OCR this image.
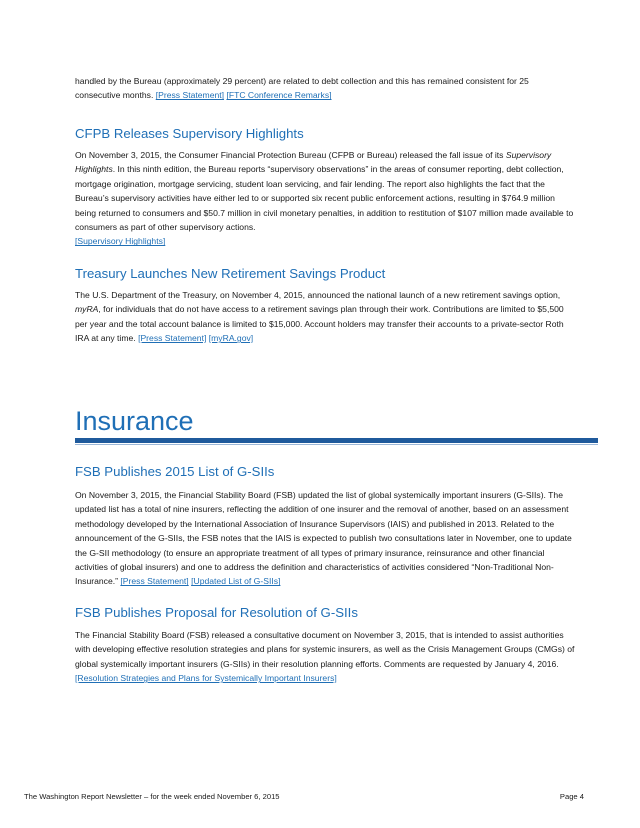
handled by the Bureau (approximately 29 percent) are related to debt collection and this has remained consistent for 25 consecutive months. [Press Statement] [FTC Conference Remarks]

CFPB Releases Supervisory Highlights

On November 3, 2015, the Consumer Financial Protection Bureau (CFPB or Bureau) released the fall issue of its Supervisory Highlights. In this ninth edition, the Bureau reports “supervisory observations” in the areas of consumer reporting, debt collection, mortgage origination, mortgage servicing, student loan servicing, and fair lending. The report also highlights the fact that the Bureau’s supervisory activities have either led to or supported six recent public enforcement actions, resulting in $764.9 million being returned to consumers and $50.7 million in civil monetary penalties, in addition to restitution of $107 million made available to consumers as part of other supervisory actions.
[Supervisory Highlights]

Treasury Launches New Retirement Savings Product

The U.S. Department of the Treasury, on November 4, 2015, announced the national launch of a new retirement savings option, myRA, for individuals that do not have access to a retirement savings plan through their work. Contributions are limited to $5,500 per year and the total account balance is limited to $15,000. Account holders may transfer their accounts to a private-sector Roth IRA at any time. [Press Statement] [myRA.gov]

Insurance
FSB Publishes 2015 List of G-SIIs

On November 3, 2015, the Financial Stability Board (FSB) updated the list of global systemically important insurers (G-SIIs). The updated list has a total of nine insurers, reflecting the addition of one insurer and the removal of another, based on an assessment methodology developed by the International Association of Insurance Supervisors (IAIS) and published in 2013. Related to the announcement of the G-SIIs, the FSB notes that the IAIS is expected to publish two consultations later in November, one to update the G-SII methodology (to ensure an appropriate treatment of all types of primary insurance, reinsurance and other financial activities of global insurers) and one to address the definition and characteristics of activities considered “Non-Traditional Non-Insurance.” [Press Statement] [Updated List of G-SIIs]

FSB Publishes Proposal for Resolution of G-SIIs

The Financial Stability Board (FSB) released a consultative document on November 3, 2015, that is intended to assist authorities with developing effective resolution strategies and plans for systemic insurers, as well as the Crisis Management Groups (CMGs) of global systemically important insurers (G-SIIs) in their resolution planning efforts. Comments are requested by January 4, 2016. [Resolution Strategies and Plans for Systemically Important Insurers]

The Washington Report Newsletter – for the week ended November 6, 2015	Page 4
